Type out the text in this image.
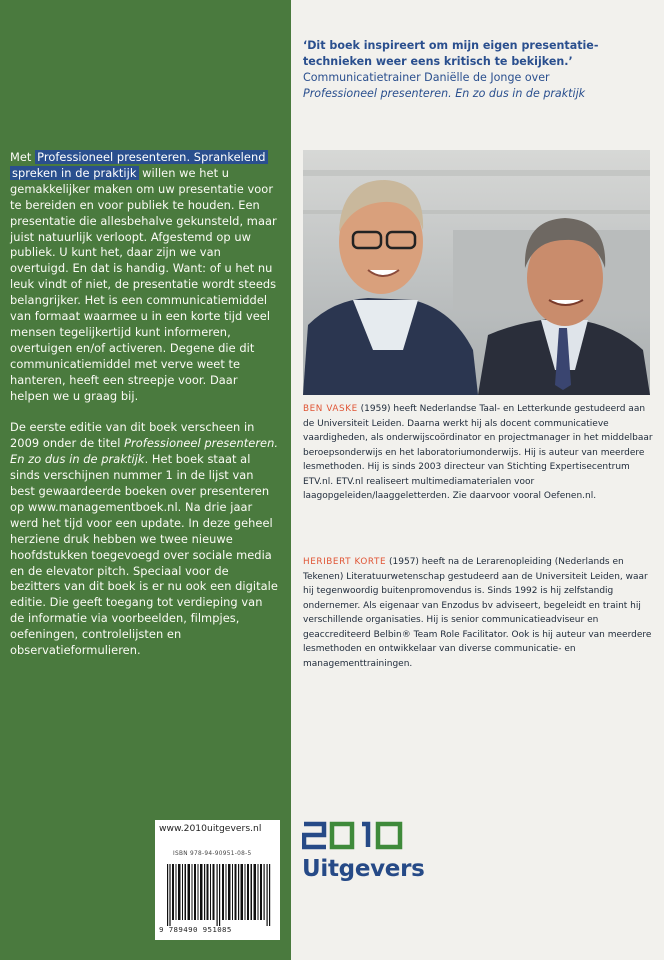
Met Professioneel presenteren. Sprankelend
spreken in de praktijk willen we het u gemakkelijker maken om uw presentatie voor te bereiden en voor publiek te houden. Een presentatie die allesbehalve gekunsteld, maar juist natuurlijk verloopt. Afgestemd op uw publiek. U kunt het, daar zijn we van overtuigd. En dat is handig. Want: of u het nu leuk vindt of niet, de presentatie wordt steeds belangrijker. Het is een communicatiemiddel van formaat waarmee u in een korte tijd veel mensen tegelijkertijd kunt informeren, overtuigen en/of activeren. Degene die dit communicatiemiddel met verve weet te hanteren, heeft een streepje voor. Daar helpen we u graag bij.

De eerste editie van dit boek verscheen in 2009 onder de titel Professioneel presenteren. En zo dus in de praktijk. Het boek staat al sinds verschijnen nummer 1 in de lijst van best gewaardeerde boeken over presenteren op www.managementboek.nl. Na drie jaar werd het tijd voor een update. In deze geheel herziene druk hebben we twee nieuwe hoofdstukken toegevoegd over sociale media en de elevator pitch. Speciaal voor de bezitters van dit boek is er nu ook een digitale editie. Die geeft toegang tot verdieping van de informatie via voorbeelden, filmpjes, oefeningen, controlelijsten en observatieformulieren.

www.2010uitgevers.nl
ISBN 978-94-90951-08-5
9 789490 951085
‘Dit boek inspireert om mijn eigen presentatie-technieken weer eens kritisch te bekijken.’
Communicatietrainer Daniëlle de Jonge over
Professioneel presenteren. En zo dus in de praktijk
BEN VASKE (1959) heeft Nederlandse Taal- en Letterkunde gestudeerd aan de Universiteit Leiden. Daarna werkt hij als docent communicatieve vaardigheden, als onderwijscoördinator en projectmanager in het middelbaar beroepsonderwijs en het laboratoriumonderwijs. Hij is auteur van meerdere lesmethoden. Hij is sinds 2003 directeur van Stichting Expertisecentrum ETV.nl. ETV.nl realiseert multimediamaterialen voor laagopgeleiden/laaggeletterden. Zie daarvoor vooral Oefenen.nl.
HERIBERT KORTE (1957) heeft na de Lerarenopleiding (Nederlands en Tekenen) Literatuurwetenschap gestudeerd aan de Universiteit Leiden, waar hij tegenwoordig buitenpromovendus is. Sinds 1992 is hij zelfstandig ondernemer. Als eigenaar van Enzodus bv adviseert, begeleidt en traint hij verschillende organisaties. Hij is senior communicatieadviseur en geaccrediteerd Belbin® Team Role Facilitator. Ook is hij auteur van meerdere lesmethoden en ontwikkelaar van diverse communicatie- en managementtrainingen.
2010
Uitgevers
